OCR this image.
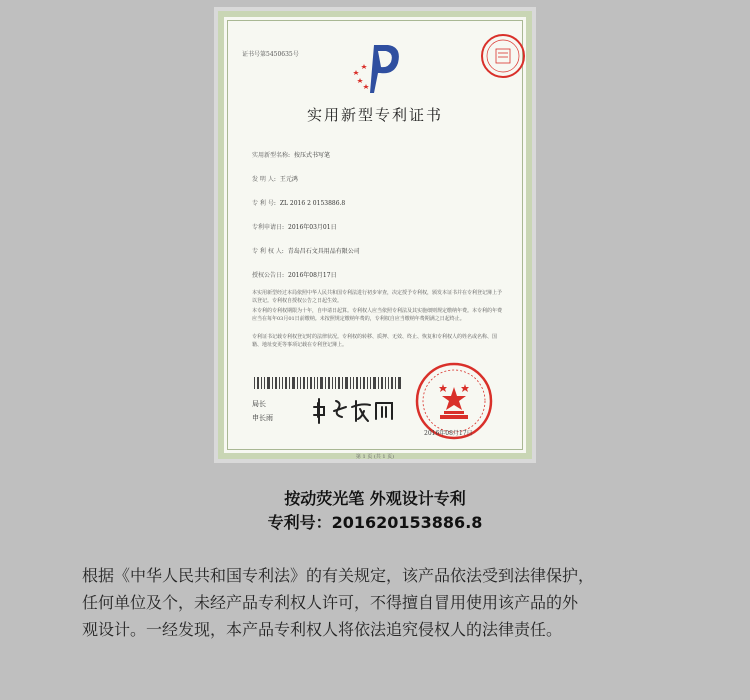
证书号第5450635号
实用新型专利证书
实用新型名称: 按压式书写笔
发 明 人: 王元鸿
专 利 号: ZL 2016 2 0153886.8
专利申请日: 2016年03月01日
专 利 权 人: 青岛昌石文具用品有限公司
授权公告日: 2016年08月17日
本实用新型经过本局依照中华人民共和国专利法进行初步审查，决定授予专利权，颁发本证书并在专利登记簿上予以登记。专利权自授权公告之日起生效。
本专利的专利权期限为十年，自申请日起算。专利权人应当依照专利法及其实施细则规定缴纳年费。本专利的年费应当在每年03月01日前缴纳。未按照规定缴纳年费的，专利权自应当缴纳年费期满之日起终止。
专利证书记载专利权登记时的法律状况。专利权的转移、质押、无效、终止、恢复和专利权人的姓名或名称、国籍、地址变更等事项记载在专利登记簿上。
局长
申长雨
2016年08月17日
第 1 页 (共 1 页)
按动荧光笔 外观设计专利
专利号：201620153886.8
根据《中华人民共和国专利法》的有关规定，该产品依法受到法律保护，
任何单位及个，未经产品专利权人许可，不得擅自冒用使用该产品的外
观设计。一经发现，本产品专利权人将依法追究侵权人的法律责任。
